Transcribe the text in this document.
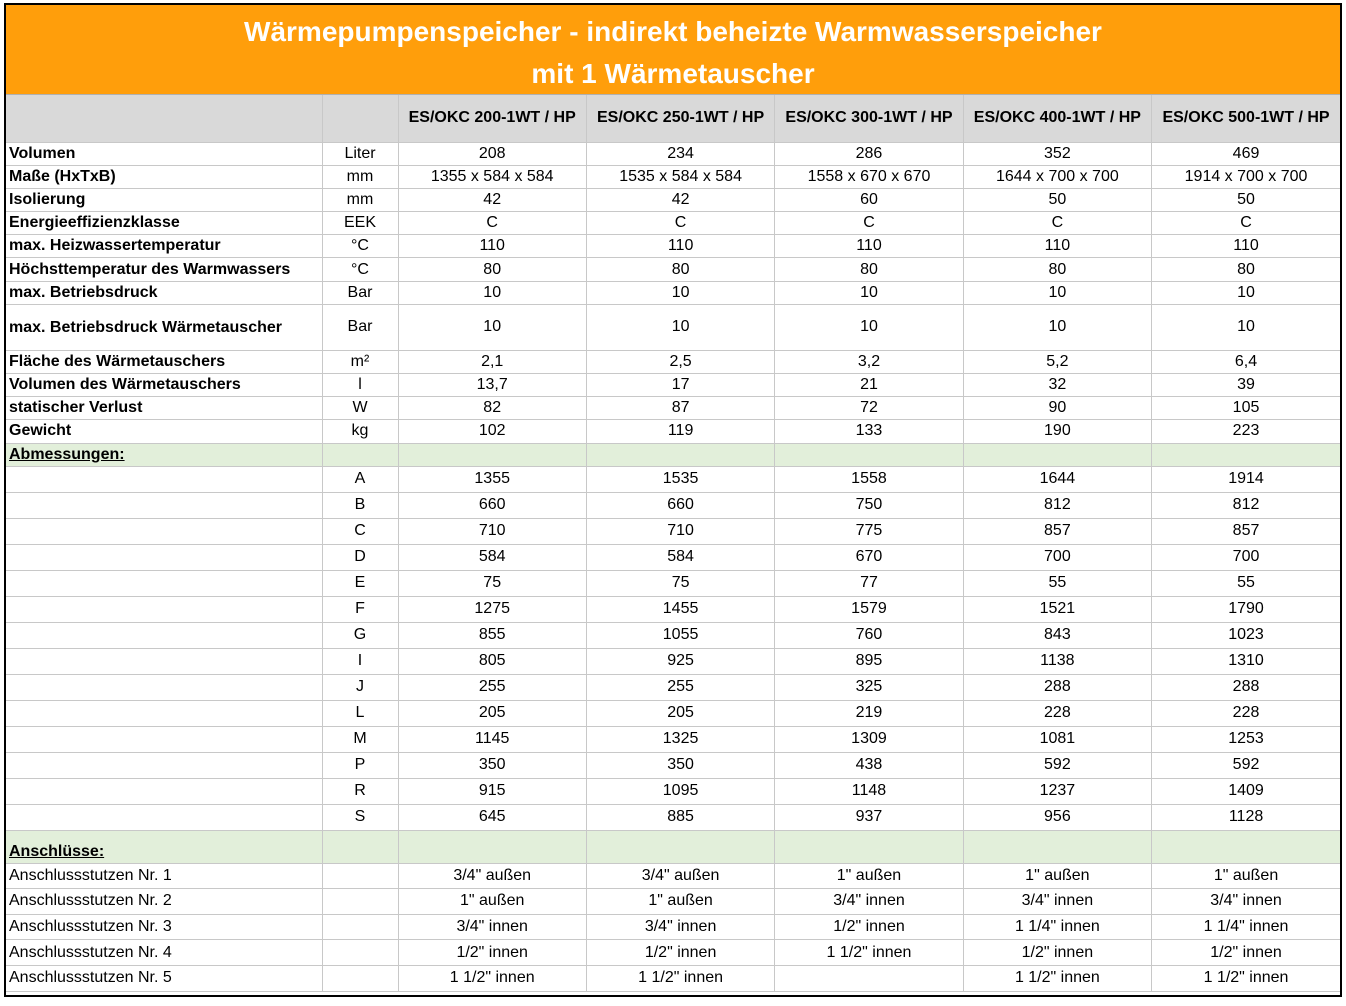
Wärmepumpenspeicher - indirekt beheizte Warmwasserspeicher
mit 1 Wärmetauscher
		ES/OKC 200-1WT / HP	ES/OKC 250-1WT / HP	ES/OKC 300-1WT / HP	ES/OKC 400-1WT / HP	ES/OKC 500-1WT / HP
Volumen	Liter	208	234	286	352	469
Maße (HxTxB)	mm	1355 x 584 x 584	1535 x 584 x 584	1558 x 670 x 670	1644 x 700 x 700	1914 x 700 x 700
Isolierung	mm	42	42	60	50	50
Energieeffizienzklasse	EEK	C	C	C	C	C
max. Heizwassertemperatur	°C	110	110	110	110	110
Höchsttemperatur des Warmwassers	°C	80	80	80	80	80
max. Betriebsdruck	Bar	10	10	10	10	10
max. Betriebsdruck Wärmetauscher	Bar	10	10	10	10	10
Fläche des Wärmetauschers	m²	2,1	2,5	3,2	5,2	6,4
Volumen des Wärmetauschers	l	13,7	17	21	32	39
statischer Verlust	W	82	87	72	90	105
Gewicht	kg	102	119	133	190	223
Abmessungen:						
	A	1355	1535	1558	1644	1914
	B	660	660	750	812	812
	C	710	710	775	857	857
	D	584	584	670	700	700
	E	75	75	77	55	55
	F	1275	1455	1579	1521	1790
	G	855	1055	760	843	1023
	I	805	925	895	1138	1310
	J	255	255	325	288	288
	L	205	205	219	228	228
	M	1145	1325	1309	1081	1253
	P	350	350	438	592	592
	R	915	1095	1148	1237	1409
	S	645	885	937	956	1128
Anschlüsse:						
Anschlussstutzen Nr. 1		3/4" außen	3/4" außen	1" außen	1" außen	1" außen
Anschlussstutzen Nr. 2		1" außen	1" außen	3/4" innen	3/4" innen	3/4" innen
Anschlussstutzen Nr. 3		3/4" innen	3/4" innen	1/2" innen	1 1/4" innen	1 1/4" innen
Anschlussstutzen Nr. 4		1/2" innen	1/2" innen	1 1/2" innen	1/2" innen	1/2" innen
Anschlussstutzen Nr. 5		1 1/2" innen	1 1/2" innen		1 1/2" innen	1 1/2" innen
